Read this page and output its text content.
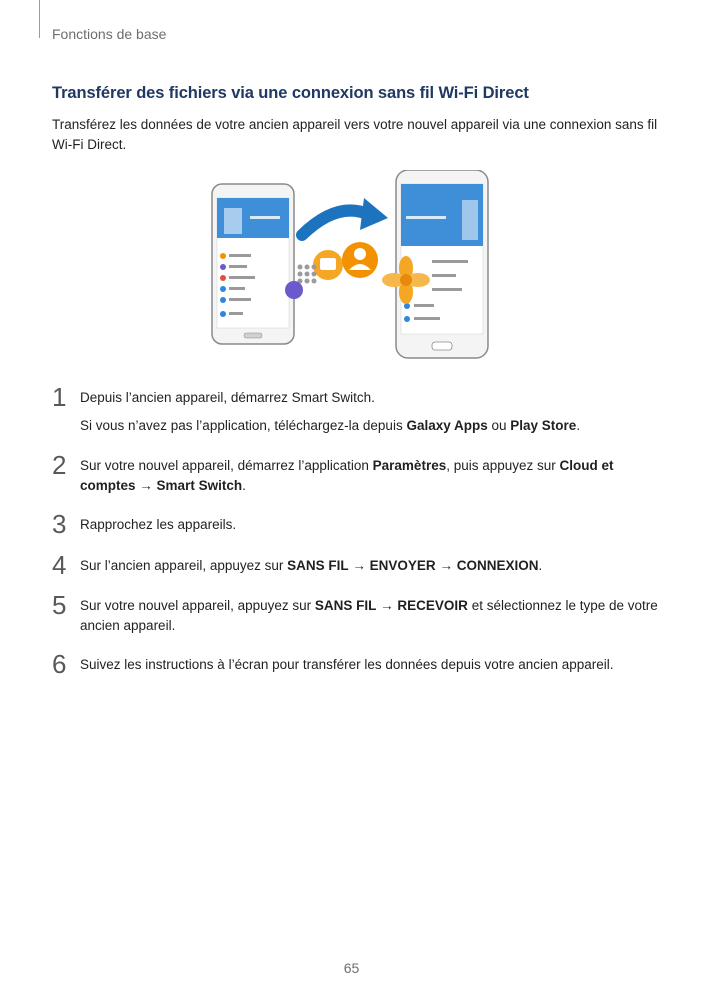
Fonctions de base
Transférer des fichiers via une connexion sans fil Wi-Fi Direct
Transférez les données de votre ancien appareil vers votre nouvel appareil via une connexion sans fil Wi-Fi Direct.
1 Depuis l’ancien appareil, démarrez Smart Switch.
Si vous n’avez pas l’application, téléchargez-la depuis Galaxy Apps ou Play Store.
2 Sur votre nouvel appareil, démarrez l’application Paramètres, puis appuyez sur Cloud et comptes → Smart Switch.
3 Rapprochez les appareils.
4 Sur l’ancien appareil, appuyez sur SANS FIL → ENVOYER → CONNEXION.
5 Sur votre nouvel appareil, appuyez sur SANS FIL → RECEVOIR et sélectionnez le type de votre ancien appareil.
6 Suivez les instructions à l’écran pour transférer les données depuis votre ancien appareil.
65
